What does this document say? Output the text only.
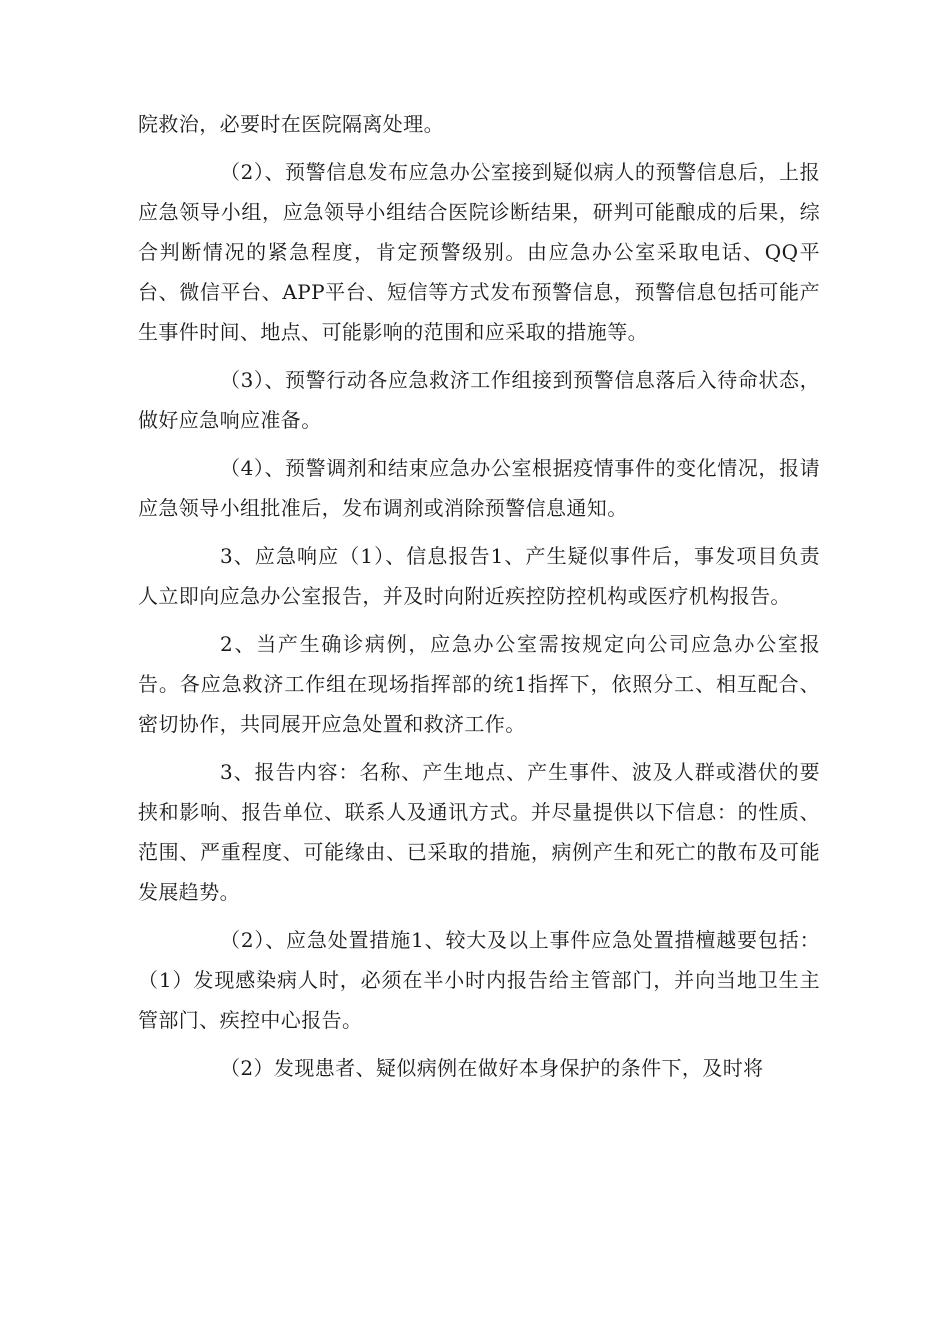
院救治，必要时在医院隔离处理。

（2）、预警信息发布应急办公室接到疑似病人的预警信息后，上报应急领导小组，应急领导小组结合医院诊断结果，研判可能酿成的后果，综合判断情况的紧急程度，肯定预警级别。由应急办公室采取电话、QQ平台、微信平台、APP平台、短信等方式发布预警信息，预警信息包括可能产生事件时间、地点、可能影响的范围和应采取的措施等。

（3）、预警行动各应急救济工作组接到预警信息落后入待命状态，做好应急响应准备。

（4）、预警调剂和结束应急办公室根据疫情事件的变化情况，报请应急领导小组批准后，发布调剂或消除预警信息通知。

3、应急响应（1）、信息报告1、产生疑似事件后，事发项目负责人立即向应急办公室报告，并及时向附近疾控防控机构或医疗机构报告。

2、当产生确诊病例，应急办公室需按规定向公司应急办公室报告。各应急救济工作组在现场指挥部的统1指挥下，依照分工、相互配合、密切协作，共同展开应急处置和救济工作。

3、报告内容：名称、产生地点、产生事件、波及人群或潜伏的要挟和影响、报告单位、联系人及通讯方式。并尽量提供以下信息：的性质、范围、严重程度、可能缘由、已采取的措施，病例产生和死亡的散布及可能发展趋势。

（2）、应急处置措施1、较大及以上事件应急处置措檀越要包括：（1）发现感染病人时，必须在半小时内报告给主管部门，并向当地卫生主管部门、疾控中心报告。

（2）发现患者、疑似病例在做好本身保护的条件下，及时将
